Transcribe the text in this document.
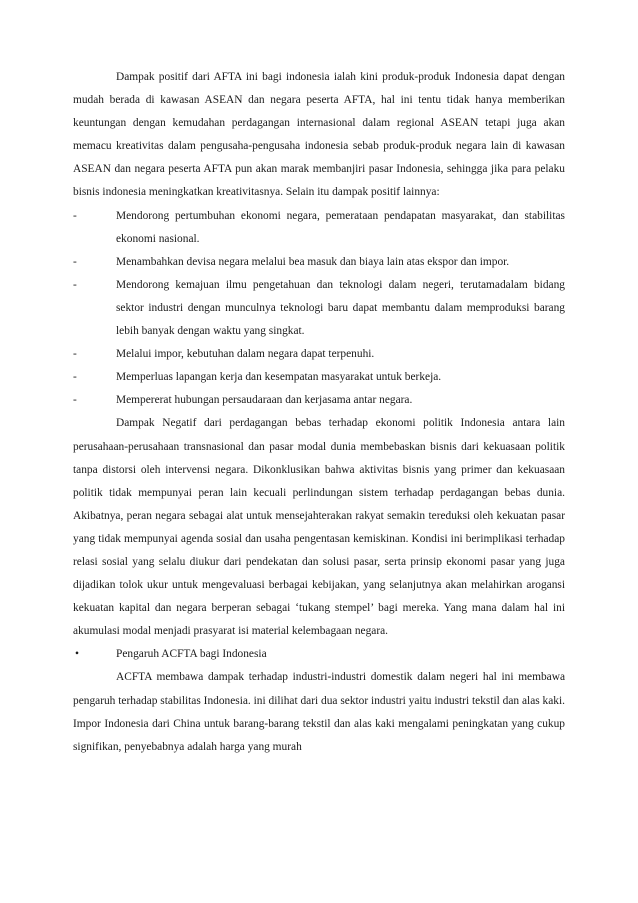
Dampak positif dari AFTA ini bagi indonesia ialah kini produk-produk Indonesia dapat dengan mudah berada di kawasan ASEAN dan negara peserta AFTA, hal ini tentu tidak hanya memberikan keuntungan dengan kemudahan perdagangan internasional dalam regional ASEAN tetapi juga akan memacu kreativitas dalam pengusaha-pengusaha indonesia sebab produk-produk negara lain di kawasan ASEAN dan negara peserta AFTA pun akan marak membanjiri pasar Indonesia, sehingga jika para pelaku bisnis indonesia meningkatkan kreativitasnya. Selain itu dampak positif lainnya:

-	Mendorong pertumbuhan ekonomi negara, pemerataan pendapatan masyarakat, dan stabilitas ekonomi nasional.
-	Menambahkan devisa negara melalui bea masuk dan biaya lain atas ekspor dan impor.
-	Mendorong kemajuan ilmu pengetahuan dan teknologi dalam negeri, terutamadalam bidang sektor industri dengan munculnya teknologi baru dapat membantu dalam memproduksi barang lebih banyak dengan waktu yang singkat.
-	Melalui impor, kebutuhan dalam negara dapat terpenuhi.
-	Memperluas lapangan kerja dan kesempatan masyarakat untuk berkeja.
-	Mempererat hubungan persaudaraan dan kerjasama antar negara.

Dampak Negatif dari perdagangan bebas terhadap ekonomi politik Indonesia antara lain perusahaan-perusahaan transnasional dan pasar modal dunia membebaskan bisnis dari kekuasaan politik tanpa distorsi oleh intervensi negara. Dikonklusikan bahwa aktivitas bisnis yang primer dan kekuasaan politik tidak mempunyai peran lain kecuali perlindungan sistem terhadap perdagangan bebas dunia. Akibatnya, peran negara sebagai alat untuk mensejahterakan rakyat semakin tereduksi oleh kekuatan pasar yang tidak mempunyai agenda sosial dan usaha pengentasan kemiskinan. Kondisi ini berimplikasi terhadap relasi sosial yang selalu diukur dari pendekatan dan solusi pasar, serta prinsip ekonomi pasar yang juga dijadikan tolok ukur untuk mengevaluasi berbagai kebijakan, yang selanjutnya akan melahirkan arogansi kekuatan kapital dan negara berperan sebagai ‘tukang stempel’ bagi mereka. Yang mana dalam hal ini akumulasi modal menjadi prasyarat isi material kelembagaan negara.

•	Pengaruh ACFTA bagi Indonesia

ACFTA membawa dampak terhadap industri-industri domestik dalam negeri hal ini membawa pengaruh terhadap stabilitas Indonesia. ini dilihat dari dua sektor industri yaitu industri tekstil dan alas kaki. Impor Indonesia dari China untuk barang-barang tekstil dan alas kaki mengalami peningkatan yang cukup signifikan, penyebabnya adalah harga yang murah
